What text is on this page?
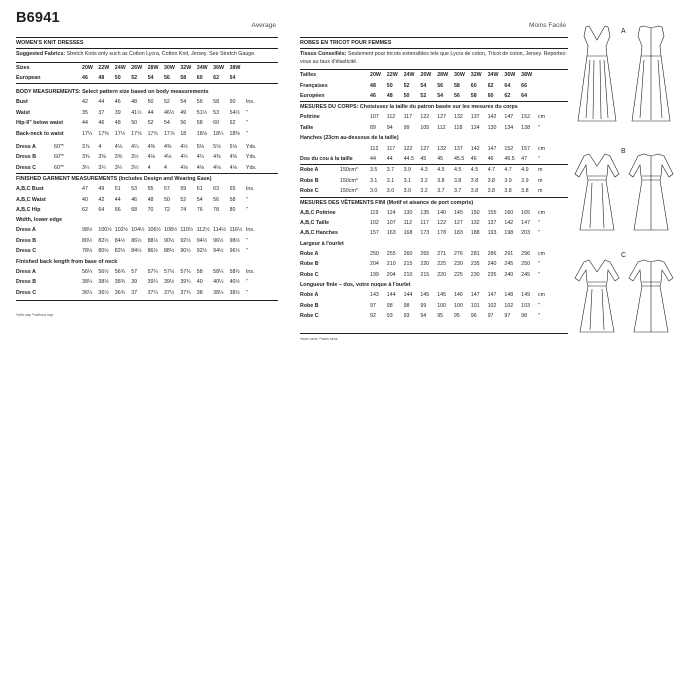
B6941	Average
WOMEN'S KNIT DRESSES
Suggested Fabrics: Stretch Knits only such as Cotton Lycra, Cotton Knit, Jersey. See Stretch Gauge.
Sizes	20W	22W	24W	26W	28W	30W	32W	34W	36W	38W
European	46	48	50	52	54	56	58	60	62	64
BODY MEASUREMENTS: Select pattern size based on body measurements
Bust	42	44	46	48	50	52	54	56	58	60	Ins.
Waist	35	37	39	41½	44	46½	49	51½	53	54½	"
Hip-9" below waist	44	46	48	50	52	54	56	58	60	62	"
Back-neck to waist	17¼	17⅜	17½	17⅝	17¾	17⅞	18	18⅛	18¼	18⅜	"
Dress A	60"*	3⅞	4	4⅛	4¼	4⅜	4⅜	4½	5⅛	5⅛	5⅛	Yds.
Dress B	60"*	3⅜	3⅜	3⅜	3½	4⅛	4⅛	4¼	4¼	4⅜	4⅜	Yds.
Dress C	60"*	3¼	3¼	3¼	3½	4	4	4⅛	4⅛	4⅛	4⅛	Yds.
FINISHED GARMENT MEASUREMENTS (Includes Design and Wearing Ease)
A,B,C Bust	47	49	51	53	55	57	59	61	63	65	Ins.
A,B,C Waist	40	42	44	46	48	50	52	54	56	58	"
A,B,C Hip	62	64	66	68	70	72	74	76	78	80	"
Width, lower edge
Dress A	98½	100½	102½	104½	106½	108½	110½	112½	114½	116½	Ins.
Dress B	80½	82½	84½	86½	88½	90½	92½	94½	96½	98½	"
Dress C	78½	80½	82½	84½	86½	88½	90½	92½	94½	96½	"
Finished back length from base of neck
Dress A	56¼	56½	56¾	57	57¼	57½	57¾	58	58¼	58½	Ins.
Dress B	38¼	38½	38¾	39	39¼	39½	39¾	40	40¼	40½	"
Dress C	36¼	36½	36¾	37	37¼	37½	37¾	38	38¼	38½	"
*with nap **without nap
Moins Facile
ROBES EN TRICOT POUR FEMMES
Tissus Conseillés: Seulement pour tricots extensibles tels que Lycra de coton, Tricot de coton, Jersey. Reportez-vous au taux d'élasticité.
Tailles	20W	22W	24W	26W	28W	30W	32W	34W	36W	38W
Françaises	48	50	52	54	56	58	60	62	64	66
Européen	46	48	50	52	54	56	58	60	62	64
MESURES DU CORPS: Choisissez la taille du patron basée sur les mesures du corps
Poitrine	107	112	117	122	127	132	137	142	147	152	cm
Taille	89	94	99	105	112	118	124	130	134	138	"
Hanches (23cm au-dessous de la taille)											
	112	117	122	127	132	137	142	147	152	157	cm
Dos du cou à la taille	44	44	44.5	45	45	45.5	46	46	46.5	47	"
Robe A	150cm*	3.5	3.7	3.9	4.3	4.5	4.5	4.5	4.7	4.7	4.9	m
Robe B	150cm*	3.1	3.1	3.1	3.2	3.8	3.8	3.8	3.8	3.9	3.9	m
Robe C	150cm*	3.0	3.0	3.0	3.2	3.7	3.7	3.8	3.8	3.8	3.8	m
MESURES DES VÊTEMENTS FINI (Motif et aisance de port compris)
A,B,C Poitrine	119	124	130	135	140	145	150	155	160	165	cm
A,B,C Taille	102	107	112	117	122	127	132	137	142	147	"
A,B,C Hanches	157	163	168	173	178	183	188	193	198	203	"
Largeur à l'ourlet
Robe A	250	255	260	265	271	276	281	286	291	296	cm
Robe B	204	210	215	220	225	230	235	240	245	250	"
Robe C	199	204	210	215	220	225	230	235	240	245	"
Longueur finie – dos, votre nuque à l'ourlet
Robe A	143	144	144	145	145	146	147	147	148	149	cm
Robe B	97	98	98	99	100	100	101	102	102	103	"
Robe C	92	93	93	94	95	95	96	97	97	98	"
*avec sens **sans sens
A
B
C
